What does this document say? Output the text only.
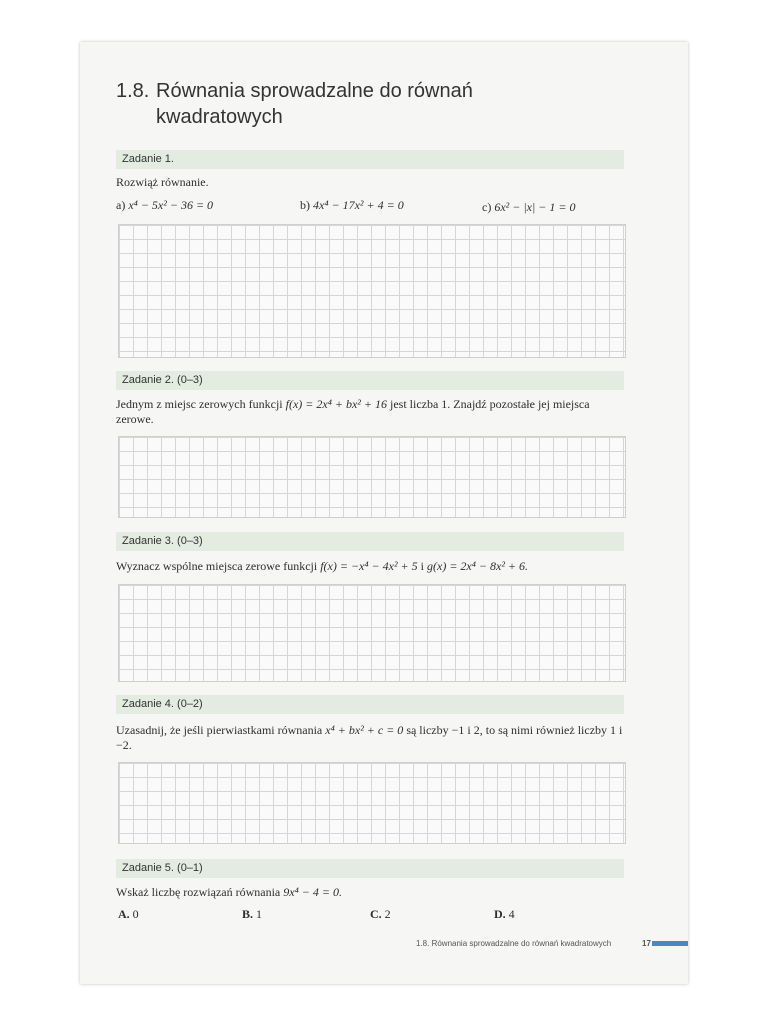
1.8. Równania sprowadzalne do równań
kwadratowych
Zadanie 1.
Rozwiąż równanie.
a) x⁴ − 5x² − 36 = 0	b) 4x⁴ − 17x² + 4 = 0	c) 6x² − |x| − 1 = 0
Zadanie 2. (0–3)
Jednym z miejsc zerowych funkcji f(x) = 2x⁴ + bx² + 16 jest liczba 1. Znajdź pozostałe jej miejsca zerowe.
Zadanie 3. (0–3)
Wyznacz wspólne miejsca zerowe funkcji f(x) = −x⁴ − 4x² + 5 i g(x) = 2x⁴ − 8x² + 6.
Zadanie 4. (0–2)
Uzasadnij, że jeśli pierwiastkami równania x⁴ + bx² + c = 0 są liczby −1 i 2, to są nimi również liczby 1 i −2.
Zadanie 5. (0–1)
Wskaż liczbę rozwiązań równania 9x⁴ − 4 = 0.
A. 0	B. 1	C. 2	D. 4
1.8. Równania sprowadzalne do równań kwadratowych	17
